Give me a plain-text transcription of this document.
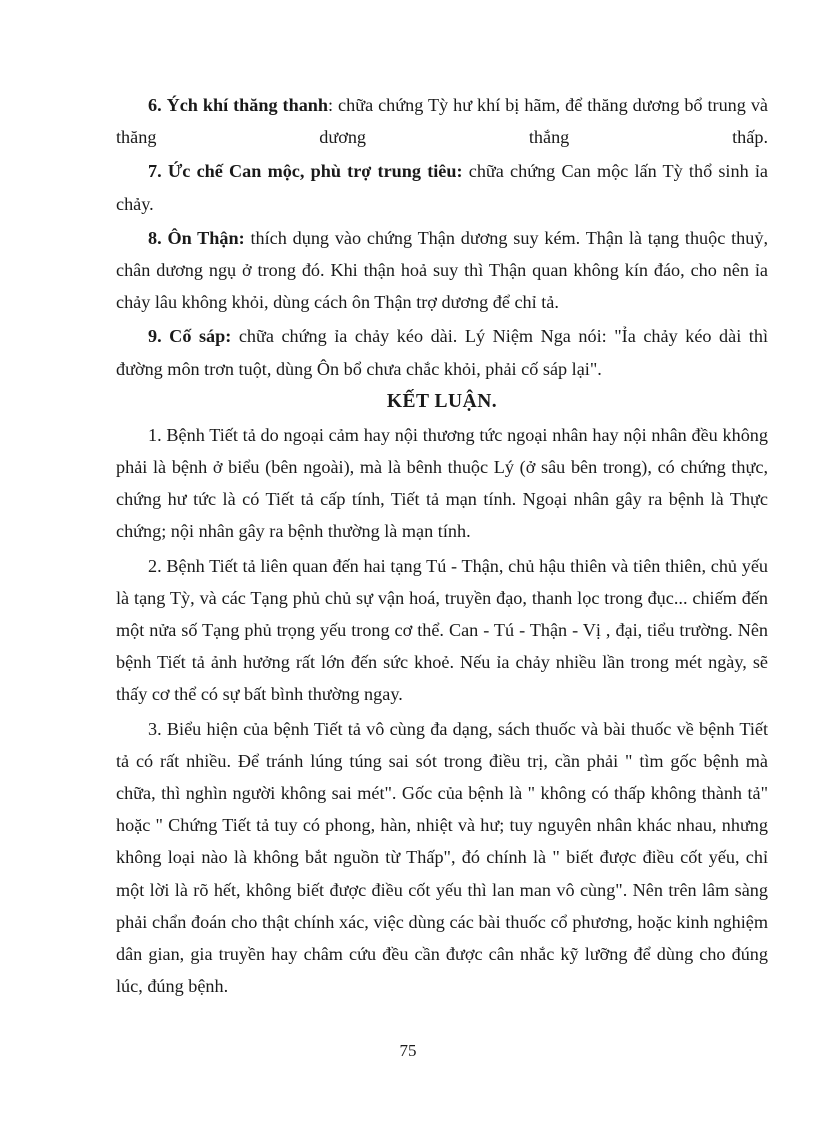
6. Ých khí thăng thanh: chữa chứng Tỳ hư khí bị hãm, để thăng dương bổ trung và thăng dương thắng thấp.

7. Ức chế Can mộc, phù trợ trung tiêu: chữa chứng Can mộc lấn Tỳ thổ sinh ỉa chảy.

8. Ôn Thận: thích dụng vào chứng Thận dương suy kém. Thận là tạng thuộc thuỷ, chân dương ngụ ở trong đó. Khi thận hoả suy thì Thận quan không kín đáo, cho nên ỉa chảy lâu không khỏi, dùng cách ôn Thận trợ dương để chỉ tả.

9. Cố sáp: chữa chứng ỉa chảy kéo dài. Lý Niệm Nga nói: "Ỉa chảy kéo dài thì đường môn trơn tuột, dùng Ôn bổ chưa chắc khỏi, phải cố sáp lại".

KẾT LUẬN.

1. Bệnh Tiết tả do ngoại cảm hay nội thương tức ngoại nhân hay nội nhân đều không phải là bệnh ở biểu (bên ngoài), mà là bênh thuộc Lý (ở sâu bên trong), có chứng thực, chứng hư tức là có Tiết tả cấp tính, Tiết tả mạn tính. Ngoại nhân gây ra bệnh là Thực chứng; nội nhân gây ra bệnh thường là mạn tính.

2. Bệnh Tiết tả liên quan đến hai tạng Tú - Thận, chủ hậu thiên và tiên thiên, chủ yếu là tạng Tỳ, và các Tạng phủ chủ sự vận hoá, truyền đạo, thanh lọc trong đục... chiếm đến một nửa số Tạng phủ trọng yếu trong cơ thể. Can - Tú - Thận - Vị , đại, tiểu trường. Nên bệnh Tiết tả ảnh hưởng rất lớn đến sức khoẻ. Nếu ỉa chảy nhiều lần trong mét ngày, sẽ thấy cơ thể có sự bất bình thường ngay.

3. Biểu hiện của bệnh Tiết tả vô cùng đa dạng, sách thuốc và bài thuốc về bệnh Tiết tả có rất nhiều. Để tránh lúng túng sai sót trong điều trị, cần phải " tìm gốc bệnh mà chữa, thì nghìn người không sai mét". Gốc của bệnh là " không có thấp không thành tả" hoặc " Chứng Tiết tả tuy có phong, hàn, nhiệt và hư; tuy nguyên nhân khác nhau, nhưng không loại nào là không bắt nguồn từ Thấp", đó chính là " biết được điều cốt yếu, chỉ một lời là rõ hết, không biết được điều cốt yếu thì lan man vô cùng". Nên trên lâm sàng phải chẩn đoán cho thật chính xác, việc dùng các bài thuốc cổ phương, hoặc kinh nghiệm dân gian, gia truyền hay châm cứu đều cần được cân nhắc kỹ lưỡng để dùng cho đúng lúc, đúng bệnh.

75
